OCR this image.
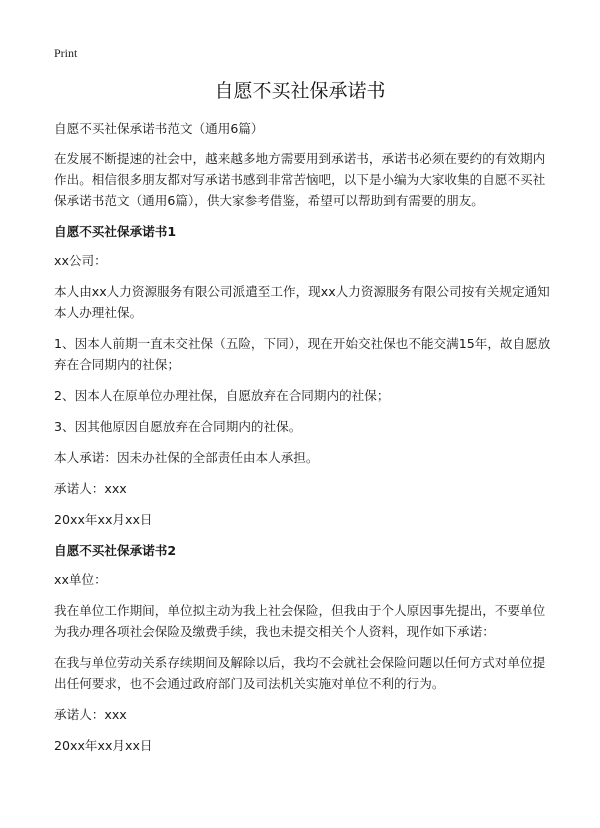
Print
自愿不买社保承诺书

自愿不买社保承诺书范文（通用6篇）

在发展不断提速的社会中，越来越多地方需要用到承诺书，承诺书必须在要约的有效期内作出。相信很多朋友都对写承诺书感到非常苦恼吧，以下是小编为大家收集的自愿不买社保承诺书范文（通用6篇），供大家参考借鉴，希望可以帮助到有需要的朋友。

自愿不买社保承诺书1

xx公司：

本人由xx人力资源服务有限公司派遣至工作，现xx人力资源服务有限公司按有关规定通知本人办理社保。

1、因本人前期一直未交社保（五险，下同），现在开始交社保也不能交满15年，故自愿放弃在合同期内的社保；

2、因本人在原单位办理社保，自愿放弃在合同期内的社保；

3、因其他原因自愿放弃在合同期内的社保。

本人承诺：因未办社保的全部责任由本人承担。

承诺人：xxx

20xx年xx月xx日

自愿不买社保承诺书2

xx单位：

我在单位工作期间，单位拟主动为我上社会保险，但我由于个人原因事先提出，不要单位为我办理各项社会保险及缴费手续，我也未提交相关个人资料，现作如下承诺：

在我与单位劳动关系存续期间及解除以后，我均不会就社会保险问题以任何方式对单位提出任何要求，也不会通过政府部门及司法机关实施对单位不利的行为。

承诺人：xxx

20xx年xx月xx日
